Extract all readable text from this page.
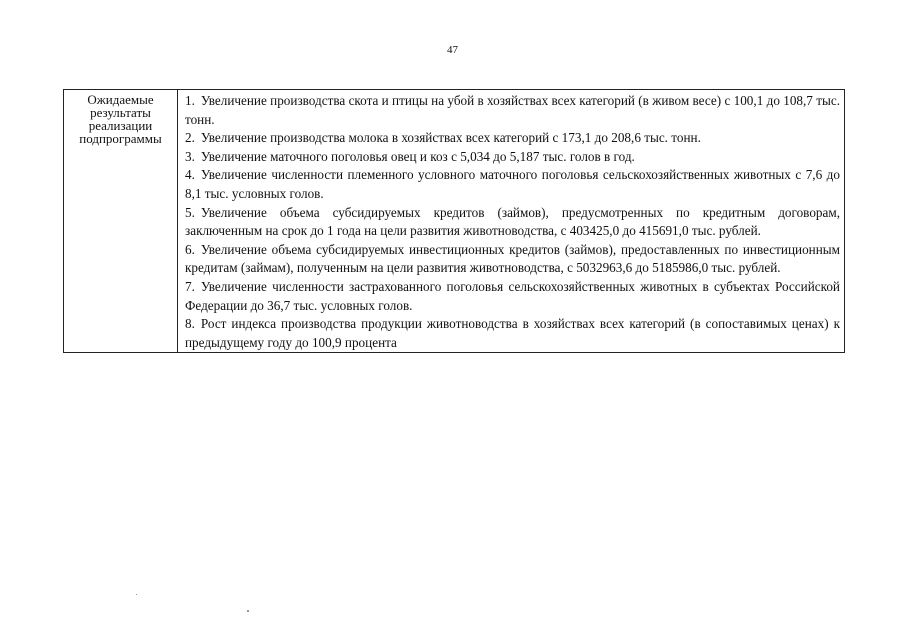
47
Ожидаемые результаты реализации подпрограммы	

1. Увеличение производства скота и птицы на убой в хозяйствах всех категорий (в живом весе) с 100,1 до 108,7 тыс. тонн.

2. Увеличение производства молока в хозяйствах всех категорий с 173,1 до 208,6 тыс. тонн.

3. Увеличение маточного поголовья овец и коз с 5,034 до 5,187 тыс. голов в год.

4. Увеличение численности племенного условного маточного поголовья сельскохозяйственных животных с 7,6 до 8,1 тыс. условных голов.

5. Увеличение объема субсидируемых кредитов (займов), предусмотренных по кредитным договорам, заключенным на срок до 1 года на цели развития животноводства, с 403425,0 до 415691,0 тыс. рублей.

6. Увеличение объема субсидируемых инвестиционных кредитов (займов), предоставленных по инвестиционным кредитам (займам), полученным на цели развития животноводства, с 5032963,6 до 5185986,0 тыс. рублей.

7. Увеличение численности застрахованного поголовья сельскохозяйственных животных в субъектах Российской Федерации до 36,7 тыс. условных голов.

8. Рост индекса производства продукции животноводства в хозяйствах всех категорий (в сопоставимых ценах) к предыдущему году до 100,9 процента
